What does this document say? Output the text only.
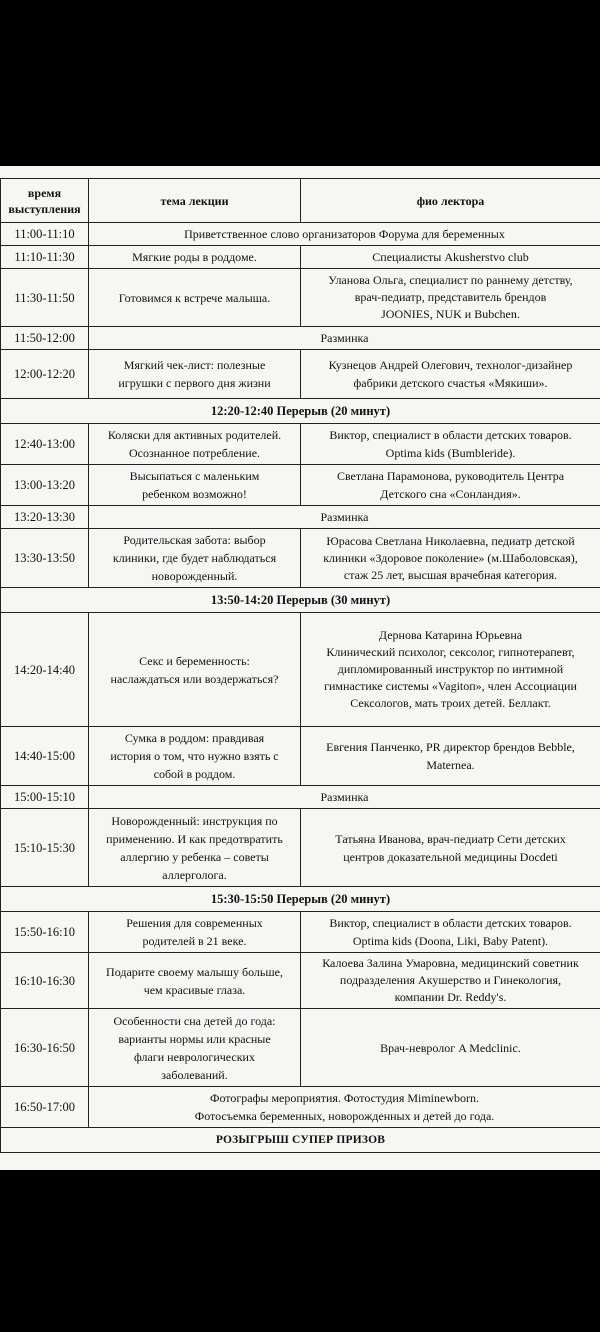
время
выступления	тема лекции	фио лектора
11:00-11:10	Приветственное слово организаторов Форума для беременных	
11:10-11:30	Мягкие роды в роддоме.	Специалисты Akusherstvo club

11:30-11:50	Готовимся к встрече малыша.	Уланова Ольга, специалист по раннему детству,
врач-педиатр, представитель брендов
JOONIES, NUK и Bubchen.

11:50-12:00	Разминка	
12:00-12:20	Мягкий чек-лист: полезные
игрушки с первого дня жизни	Кузнецов Андрей Олегович, технолог-дизайнер
фабрики детского счастья «Мякиши».

12:20-12:40 Перерыв (20 минут)		
12:40-13:00	Коляски для активных родителей.
Осознанное потребление.	Виктор, специалист в области детских товаров.
Optima kids (Bumbleride).

13:00-13:20	Высыпаться с маленьким
ребенком возможно!	Светлана Парамонова, руководитель Центра
Детского сна «Сонландия».

13:20-13:30	Разминка	
13:30-13:50	Родительская забота: выбор
клиники, где будет наблюдаться
новорожденный.	Юрасова Светлана Николаевна, педиатр детской
клиники «Здоровое поколение» (м.Шаболовская),
стаж 25 лет, высшая врачебная категория.

13:50-14:20 Перерыв (30 минут)		
14:20-14:40	Секс и беременность:
наслаждаться или воздержаться?	Дернова Катарина Юрьевна
Клинический психолог, сексолог, гипнотерапевт,
дипломированный инструктор по интимной
гимнастике системы «Vagitoп», член Ассоциации
Сексологов, мать троих детей. Беллакт.

14:40-15:00	Сумка в роддом: правдивая
история о том, что нужно взять с
собой в роддом.	Евгения Панченко, PR директор брендов Bebble,
Maternea.

15:00-15:10	Разминка	
15:10-15:30	Новорожденный: инструкция по
применению. И как предотвратить
аллергию у ребенка – советы
аллерголога.	Татьяна Иванова, врач-педиатр Сети детских
центров доказательной медицины Docdeti

15:30-15:50 Перерыв (20 минут)		
15:50-16:10	Решения для современных
родителей в 21 веке.	Виктор, специалист в области детских товаров.
Optima kids (Doona, Liki, Baby Patent).

16:10-16:30	Подарите своему малышу больше,
чем красивые глаза.	Калоева Залина Умаровна, медицинский советник
подразделения Акушерство и Гинекология,
компании Dr. Reddy's.

16:30-16:50	Особенности сна детей до года:
варианты нормы или красные
флаги неврологических
заболеваний.	Врач-невролог A Medclinic.

16:50-17:00	Фотографы мероприятия. Фотостудия Miminewborn.
Фотосъемка беременных, новорожденных и детей до года.	

РОЗЫГРЫШ СУПЕР ПРИЗОВ		
